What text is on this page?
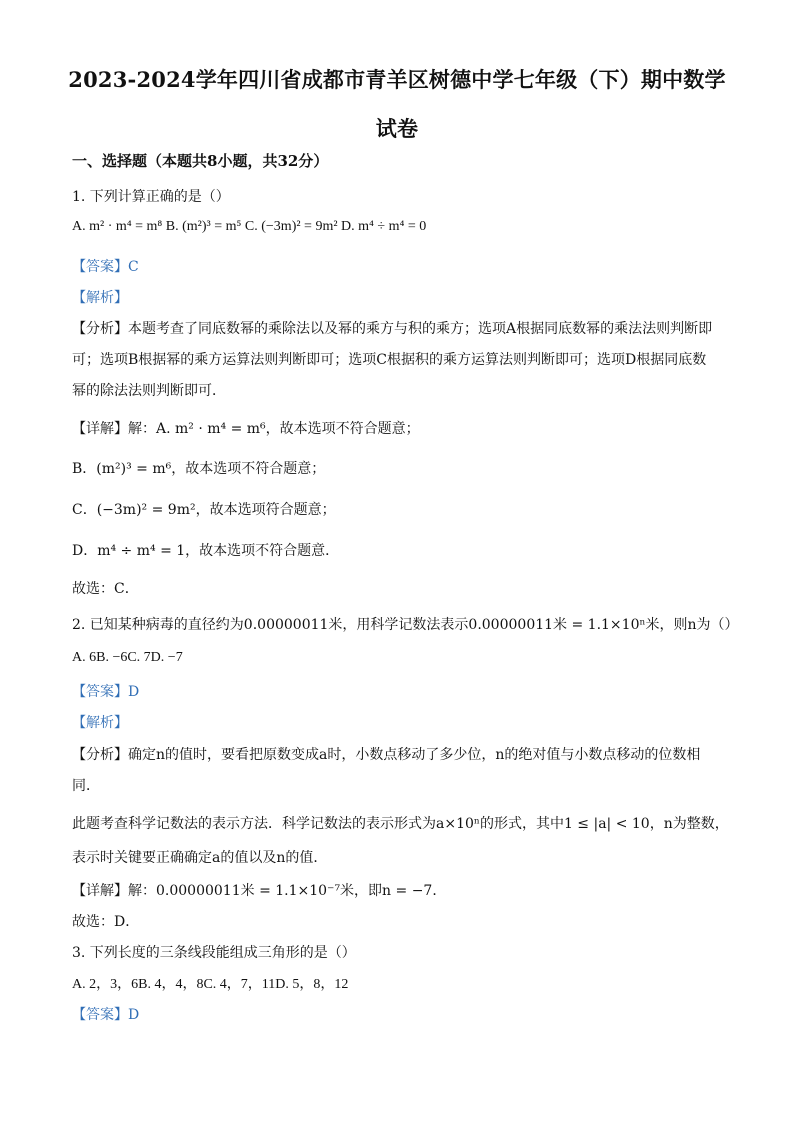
2023-2024学年四川省成都市青羊区树德中学七年级（下）期中数学
试卷
一、选择题（本题共8小题，共32分）
1. 下列计算正确的是（）
A. m² · m⁴ = m⁸ B. (m²)³ = m⁵ C. (−3m)² = 9m² D. m⁴ ÷ m⁴ = 0
【答案】C
【解析】
【分析】本题考查了同底数幂的乘除法以及幂的乘方与积的乘方；选项A根据同底数幂的乘法法则判断即
可；选项B根据幂的乘方运算法则判断即可；选项C根据积的乘方运算法则判断即可；选项D根据同底数
幂的除法法则判断即可．
【详解】解：A. m² · m⁴ = m⁶，故本选项不符合题意；
B．(m²)³ = m⁶，故本选项不符合题意；
C．(−3m)² = 9m²，故本选项符合题意；
D．m⁴ ÷ m⁴ = 1，故本选项不符合题意．
故选：C．
2. 已知某种病毒的直径约为0.00000011米，用科学记数法表示0.00000011米 = 1.1×10ⁿ米，则n为（）
A. 6B. −6C. 7D. −7
【答案】D
【解析】
【分析】确定n的值时，要看把原数变成a时，小数点移动了多少位，n的绝对值与小数点移动的位数相
同．
此题考查科学记数法的表示方法．科学记数法的表示形式为a×10ⁿ的形式，其中1 ≤ |a| < 10，n为整数，
表示时关键要正确确定a的值以及n的值．
【详解】解：0.00000011米 = 1.1×10⁻⁷米，即n = −7．
故选：D．
3. 下列长度的三条线段能组成三角形的是（）
A. 2，3，6B. 4，4，8C. 4，7，11D. 5，8，12
【答案】D
